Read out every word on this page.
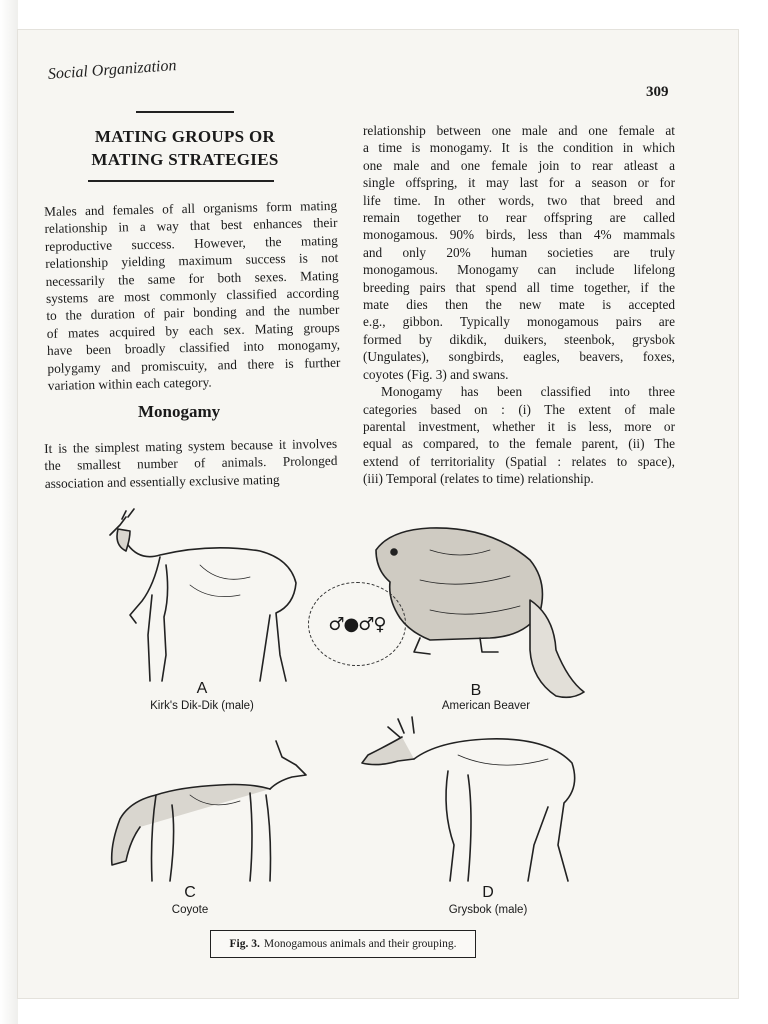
Social Organization
309
MATING GROUPS OR
MATING STRATEGIES
Males and females of all organisms form mating
relationship in a way that best enhances their
reproductive success. However, the mating
relationship yielding maximum success is not
necessarily the same for both sexes. Mating
systems are most commonly classified according
to the duration of pair bonding and the number
of mates acquired by each sex. Mating groups
have been broadly classified into monogamy,
polygamy and promiscuity, and there is further
variation within each category.
Monogamy
It is the simplest mating system because it involves
the smallest number of animals. Prolonged
association and essentially exclusive mating
relationship between one male and one female at
a time is monogamy. It is the condition in which
one male and one female join to rear atleast a
single offspring, it may last for a season or for
life time. In other words, two that breed and
remain together to rear offspring are called
monogamous. 90% birds, less than 4% mammals
and only 20% human societies are truly
monogamous. Monogamy can include lifelong
breeding pairs that spend all time together, if the
mate dies then the new mate is accepted
e.g., gibbon. Typically monogamous pairs are
formed by dikdik, duikers, steenbok, grysbok
(Ungulates), songbirds, eagles, beavers, foxes,
coyotes (Fig. 3) and swans.
Monogamy has been classified into three
categories based on : (i) The extent of male
parental investment, whether it is less, more or
equal as compared, to the female parent, (ii) The
extend of territoriality (Spatial : relates to space),
(iii) Temporal (relates to time) relationship.
♂●♂♀
A
Kirk's Dik-Dik (male)
B
American Beaver
C
Coyote
D
Grysbok (male)
Fig. 3. Monogamous animals and their grouping.
